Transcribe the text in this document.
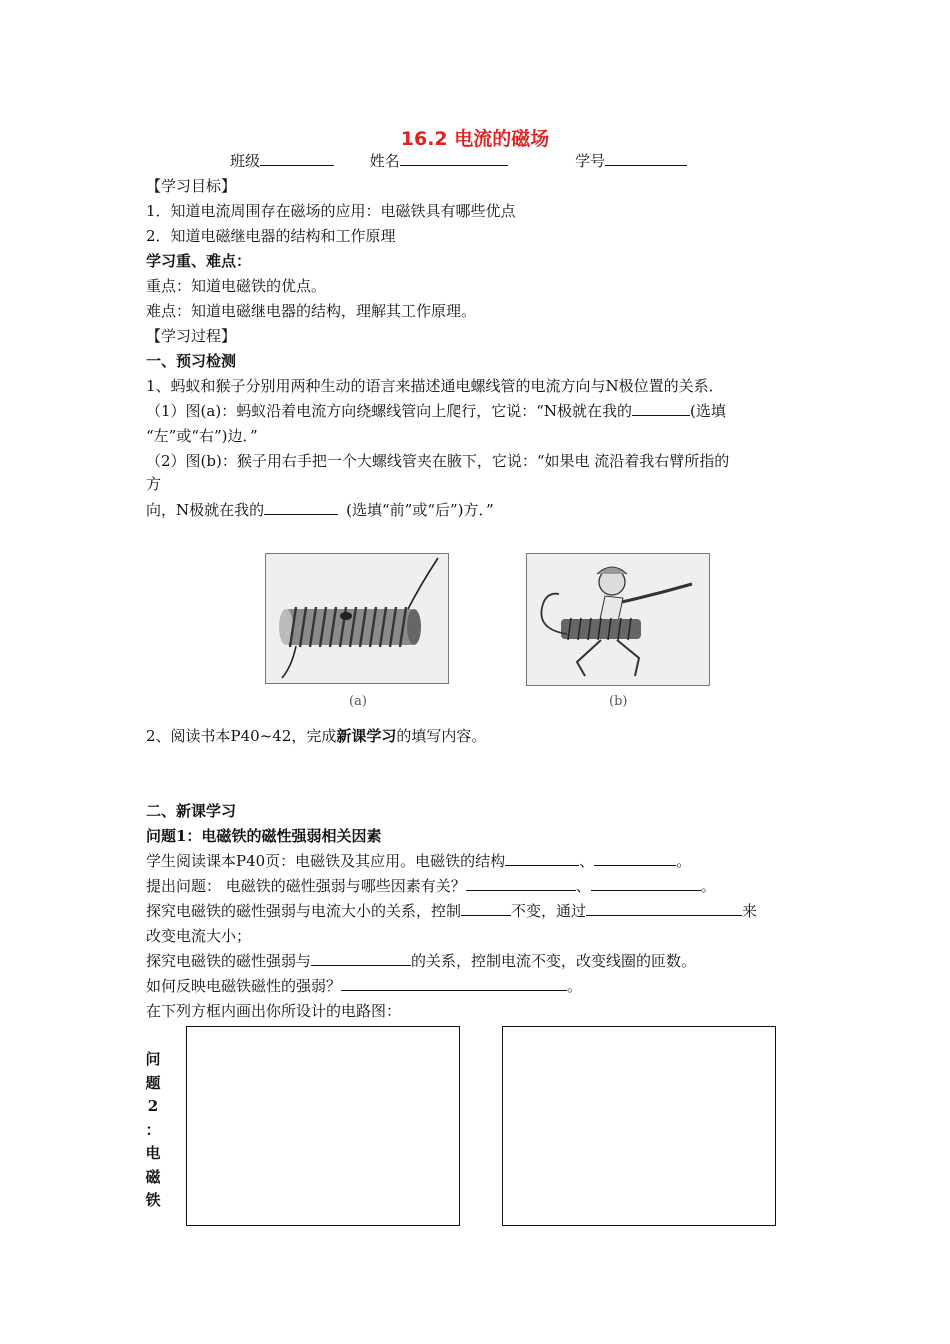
16.2 电流的磁场
班级	姓名	学号
【学习目标】
1．知道电流周围存在磁场的应用：电磁铁具有哪些优点
2．知道电磁继电器的结构和工作原理
学习重、难点：
重点：知道电磁铁的优点。
难点：知道电磁继电器的结构，理解其工作原理。
【学习过程】
一、预习检测
1、蚂蚁和猴子分别用两种生动的语言来描述通电螺线管的电流方向与N极位置的关系．
（1）图(a)：蚂蚁沿着电流方向绕螺线管向上爬行，它说：“N极就在我的	(选填
“左”或“右”)边．”
（2）图(b)：猴子用右手把一个大螺线管夹在腋下，它说：“如果电 流沿着我右臂所指的
方
向，N极就在我的	(选填“前”或“后”)方．”
(a)	(b)
2、阅读书本P40~42，完成新课学习的填写内容。
二、新课学习
问题1：电磁铁的磁性强弱相关因素
学生阅读课本P40页：电磁铁及其应用。电磁铁的结构	、	。
提出问题： 电磁铁的磁性强弱与哪些因素有关？	、	。
探究电磁铁的磁性强弱与电流大小的关系，控制	不变，通过	来
改变电流大小；
探究电磁铁的磁性强弱与	的关系，控制电流不变，改变线圈的匝数。
如何反映电磁铁磁性的强弱？	。
在下列方框内画出你所设计的电路图：
问
题
2
：
电
磁
铁
